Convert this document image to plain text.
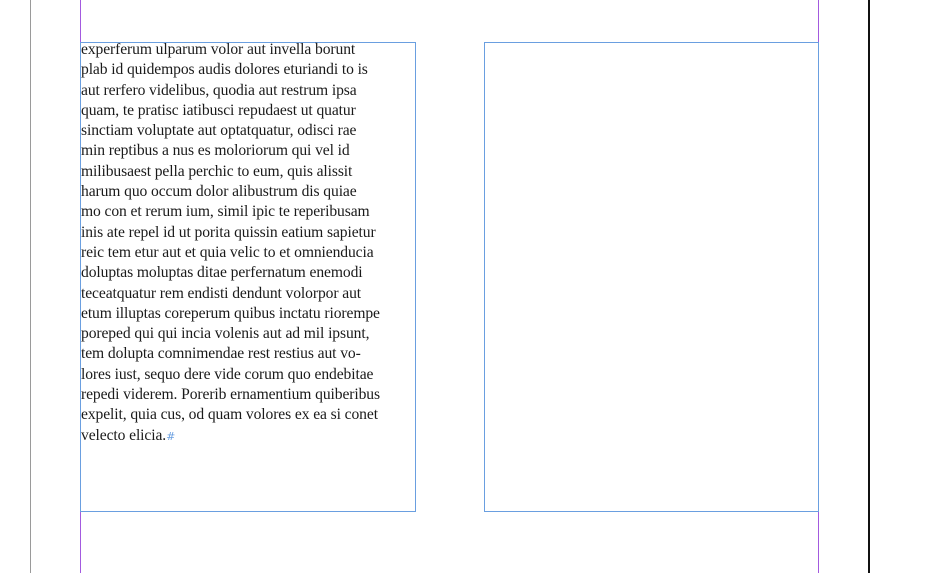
experferum ulparum volor aut invella borunt
plab id quidempos audis dolores eturiandi to is
aut rerfero videlibus, quodia aut restrum ipsa
quam, te pratisc iatibusci repudaest ut quatur
sinctiam voluptate aut optatquatur, odisci rae
min reptibus a nus es moloriorum qui vel id
milibusaest pella perchic to eum, quis alissit
harum quo occum dolor alibustrum dis quiae
mo con et rerum ium, simil ipic te reperibusam
inis ate repel id ut porita quissin eatium sapietur
reic tem etur aut et quia velic to et omnienducia
doluptas moluptas ditae perfernatum enemodi
teceatquatur rem endisti dendunt volorpor aut
etum illuptas coreperum quibus inctatu riorempe
poreped qui qui incia volenis aut ad mil ipsunt,
tem dolupta comnimendae rest restius aut vo-
lores iust, sequo dere vide corum quo endebitae
repedi viderem. Porerib ernamentium quiberibus
expelit, quia cus, od quam volores ex ea si conet
velecto elicia.#
